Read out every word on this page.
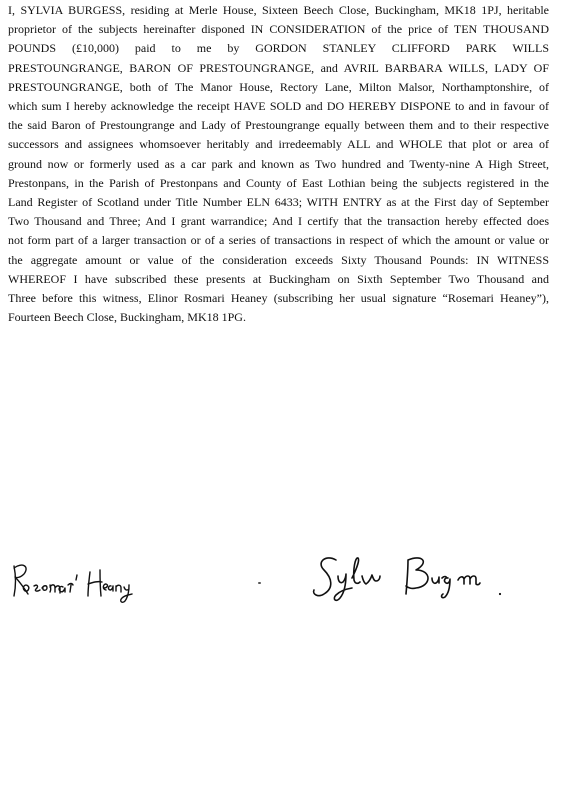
I, SYLVIA BURGESS, residing at Merle House, Sixteen Beech Close, Buckingham, MK18 1PJ, heritable
proprietor of the subjects hereinafter disponed IN CONSIDERATION of the price of TEN THOUSAND
POUNDS (£10,000) paid to me by GORDON STANLEY CLIFFORD PARK WILLS
PRESTOUNGRANGE, BARON OF PRESTOUNGRANGE, and AVRIL BARBARA WILLS, LADY OF
PRESTOUNGRANGE, both of The Manor House, Rectory Lane, Milton Malsor, Northamptonshire, of
which sum I hereby acknowledge the receipt HAVE SOLD and DO HEREBY DISPONE to and in favour of
the said Baron of Prestoungrange and Lady of Prestoungrange equally between them and to their respective
successors and assignees whomsoever heritably and irredeemably ALL and WHOLE that plot or area of
ground now or formerly used as a car park and known as Two hundred and Twenty-nine A High Street,
Prestonpans, in the Parish of Prestonpans and County of East Lothian being the subjects registered in the
Land Register of Scotland under Title Number ELN 6433; WITH ENTRY as at the First day of September
Two Thousand and Three; And I grant warrandice; And I certify that the transaction hereby effected does
not form part of a larger transaction or of a series of transactions in respect of which the amount or value or
the aggregate amount or value of the consideration exceeds Sixty Thousand Pounds: IN WITNESS
WHEREOF I have subscribed these presents at Buckingham on Sixth September Two Thousand and
Three before this witness, Elinor Rosmari Heaney (subscribing her usual signature “Rosemari Heaney”),
Fourteen Beech Close, Buckingham, MK18 1PG.
